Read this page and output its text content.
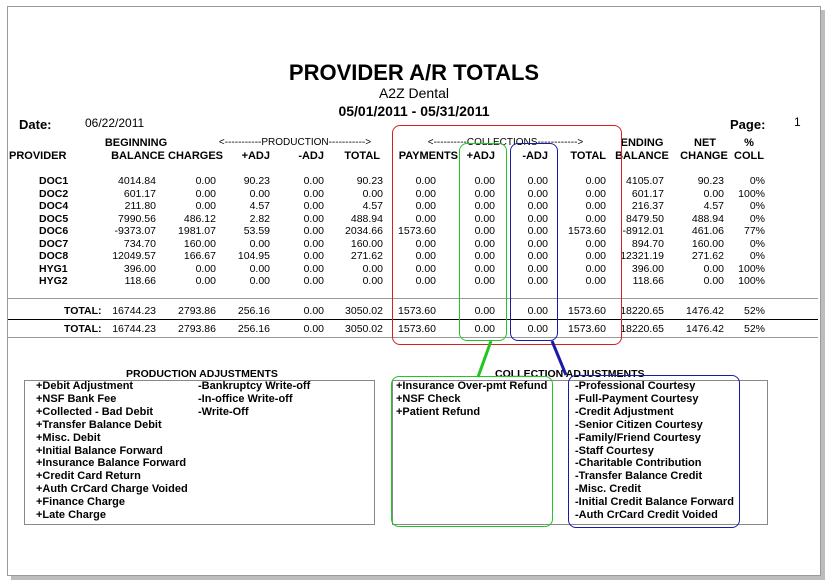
PROVIDER A/R TOTALS
A2Z Dental
05/01/2011 - 05/31/2011
Date:	06/22/2011	Page: 1
BEGINNING
PROVIDER	BALANCE
<-----------PRODUCTION----------->	<----------COLLECTIONS------------>
CHARGES	+ADJ	-ADJ	TOTAL PAYMENTS +ADJ	-ADJ	TOTAL
ENDING
BALANCE
NET
CHANGE
%
COLL
DOC1	4014.84	0.00	90.23	0.00	90.23	0.00	0.00	0.00	0.00	4105.07	90.23	0%
DOC2	601.17	0.00	0.00	0.00	0.00	0.00	0.00	0.00	0.00	601.17	0.00	100%
DOC4	211.80	0.00	4.57	0.00	4.57	0.00	0.00	0.00	0.00	216.37	4.57	0%
DOC5	7990.56	486.12	2.82	0.00	488.94	0.00	0.00	0.00	0.00	8479.50	488.94	0%
DOC6	-9373.07	1981.07	53.59	0.00	2034.66 1573.60	0.00	0.00	1573.60	-8912.01	461.06	77%
DOC7	734.70	160.00	0.00	0.00	160.00	0.00	0.00	0.00	0.00	894.70	160.00	0%
DOC8	12049.57	166.67	104.95	0.00	271.62	0.00	0.00	0.00	0.00	12321.19	271.62	0%
HYG1	396.00	0.00	0.00	0.00	0.00	0.00	0.00	0.00	0.00	396.00	0.00	100%
HYG2	118.66	0.00	0.00	0.00	0.00	0.00	0.00	0.00	0.00	118.66	0.00	100%
TOTAL:	16744.23	2793.86	256.16	0.00	3050.02 1573.60	0.00	0.00	1573.60	18220.65	1476.42	52%
TOTAL:	16744.23	2793.86	256.16	0.00	3050.02 1573.60	0.00	0.00	1573.60	18220.65	1476.42	52%
PRODUCTION ADJUSTMENTS
+Debit Adjustment
+NSF Bank Fee
+Collected - Bad Debit
+Transfer Balance Debit
+Misc. Debit
+Initial Balance Forward
+Insurance Balance Forward
+Credit Card Return
+Auth CrCard Charge Voided
+Finance Charge
+Late Charge
-Bankruptcy Write-off
-In-office Write-off
-Write-Off
COLLECTION ADJUSTMENTS
+Insurance Over-pmt Refund
+NSF Check
+Patient Refund
-Professional Courtesy
-Full-Payment Courtesy
-Credit Adjustment
-Senior Citizen Courtesy
-Family/Friend Courtesy
-Staff Courtesy
-Charitable Contribution
-Transfer Balance Credit
-Misc. Credit
-Initial Credit Balance Forward
-Auth CrCard Credit Voided
